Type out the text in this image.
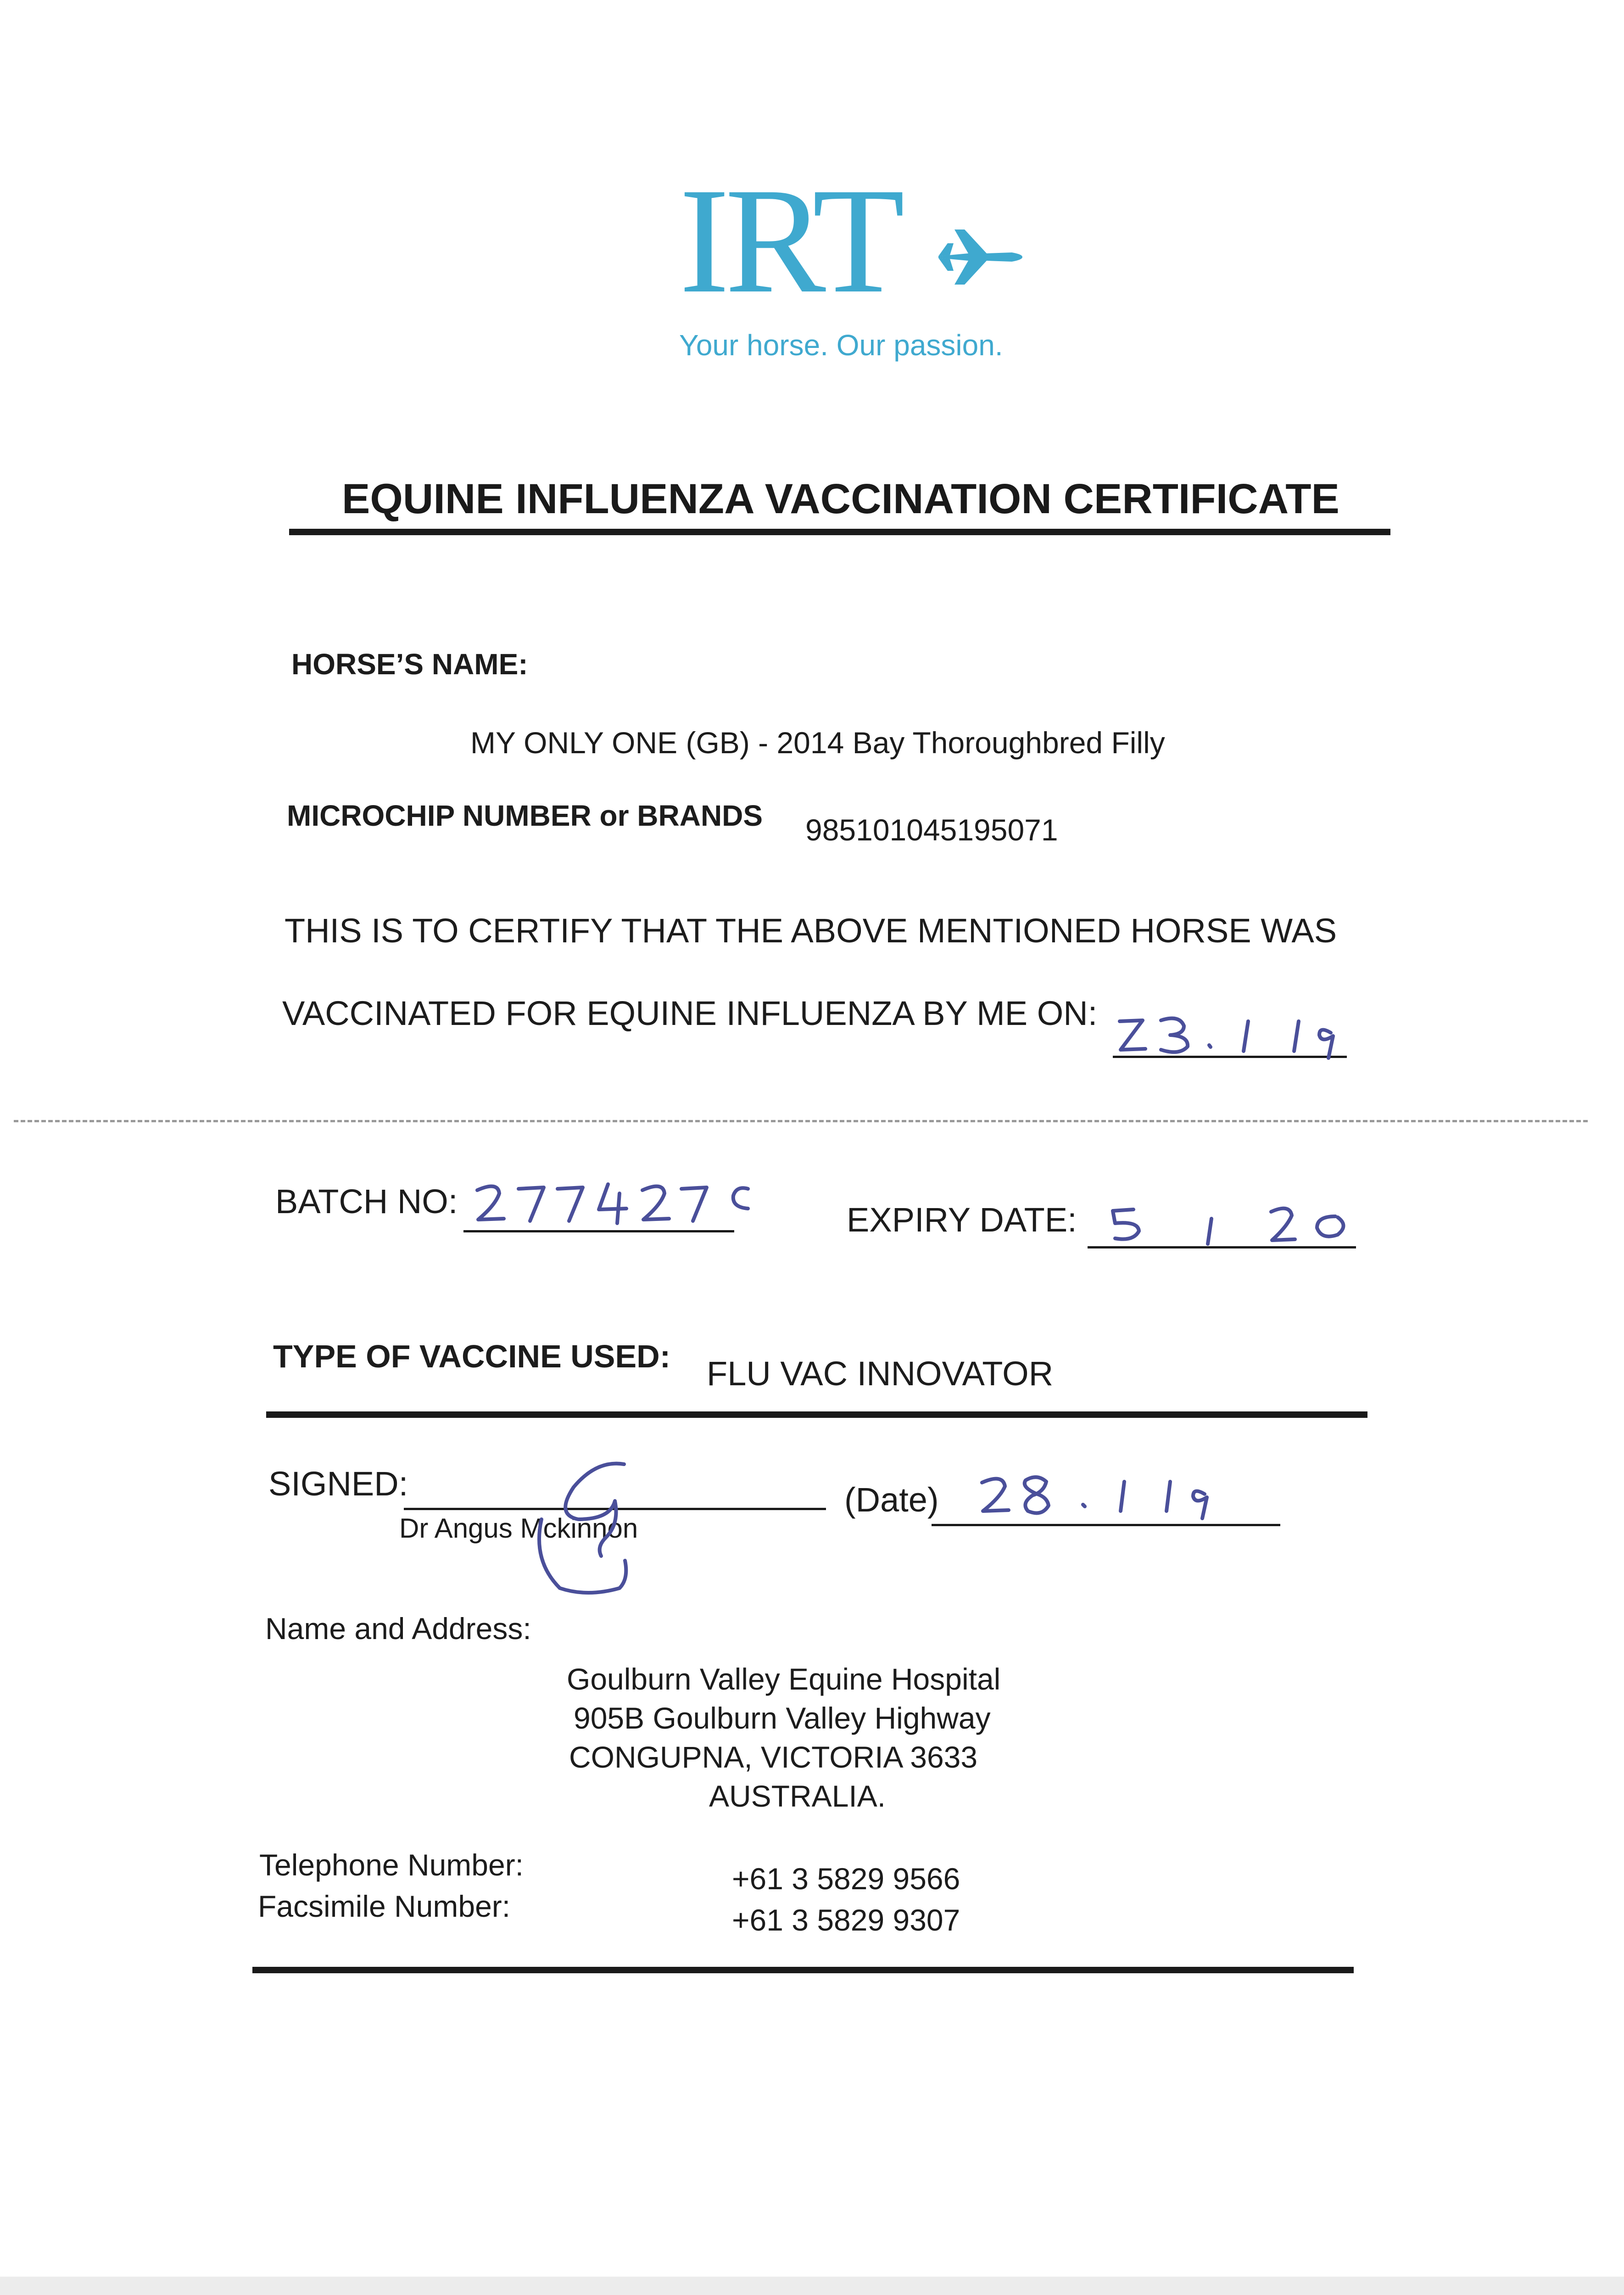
IRT
Your horse. Our passion.
EQUINE INFLUENZA VACCINATION CERTIFICATE
HORSE’S NAME:
MY ONLY ONE (GB) - 2014 Bay Thoroughbred Filly
MICROCHIP NUMBER or BRANDS 985101045195071
THIS IS TO CERTIFY THAT THE ABOVE MENTIONED HORSE WAS
VACCINATED FOR EQUINE INFLUENZA BY ME ON:
BATCH NO:	EXPIRY DATE:
TYPE OF VACCINE USED: FLU VAC INNOVATOR
SIGNED:
Dr Angus Mckinnon
(Date)
Name and Address:
Goulburn Valley Equine Hospital
905B Goulburn Valley Highway
CONGUPNA, VICTORIA 3633
AUSTRALIA.
Telephone Number:	+61 3 5829 9566
Facsimile Number:	+61 3 5829 9307
